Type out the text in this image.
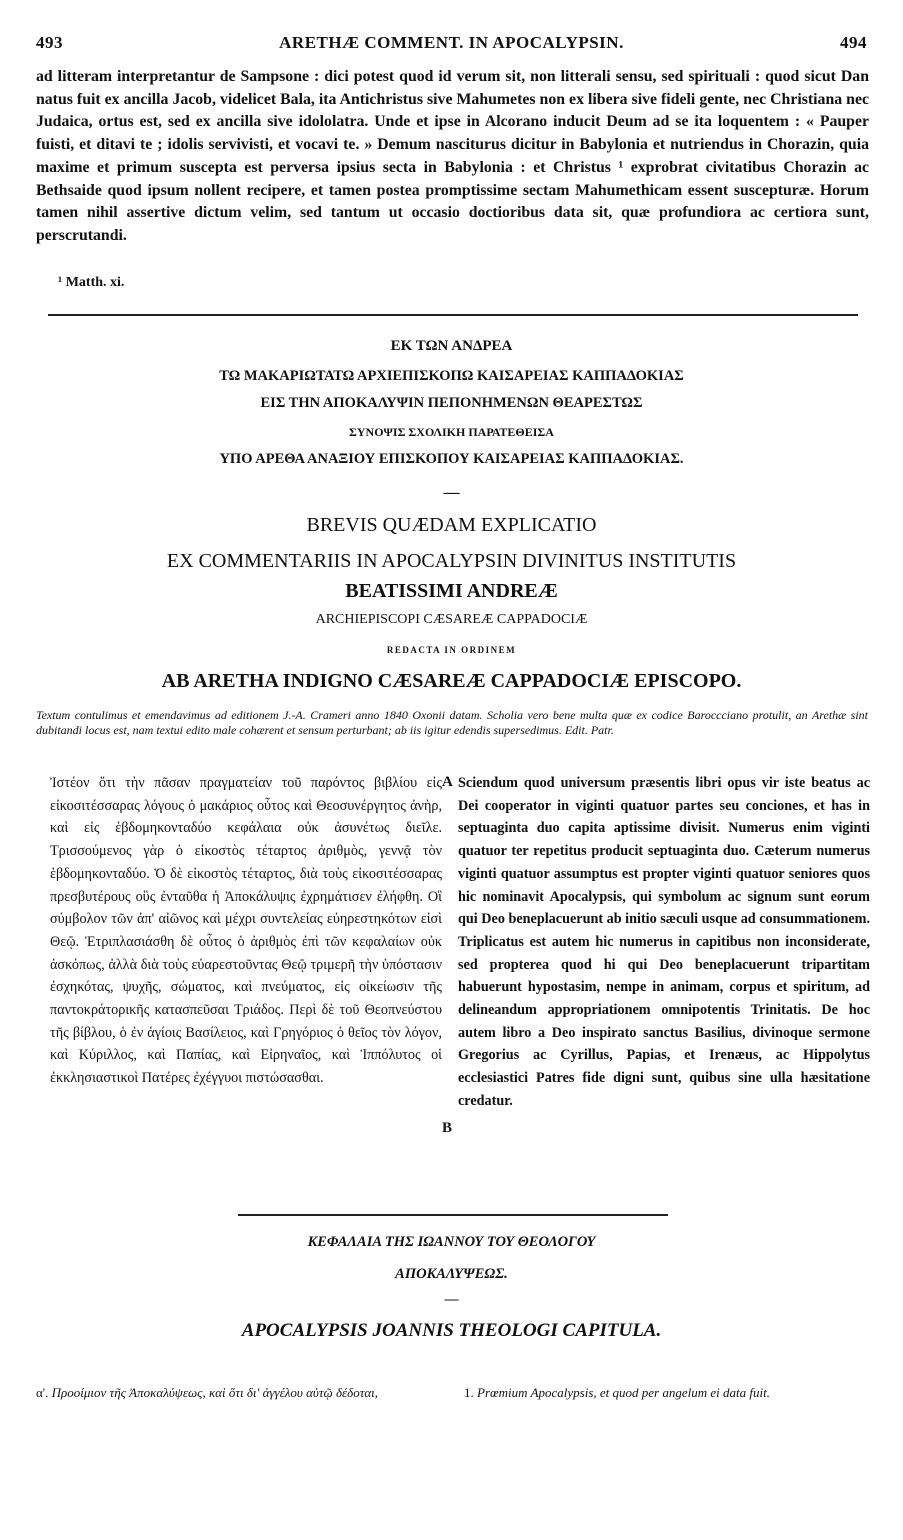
493	ARETHÆ COMMENT. IN APOCALYPSIN.	494

ad litteram interpretantur de Sampsone : dici potest quod id verum sit, non litterali sensu, sed spirituali : quod sicut Dan natus fuit ex ancilla Jacob, videlicet Bala, ita Antichristus sive Mahumetes non ex libera sive fideli gente, nec Christiana nec Judaica, ortus est, sed ex ancilla sive idololatra. Unde et ipse in Alcorano inducit Deum ad se ita loquentem : « Pauper fuisti, et ditavi te ; idolis servivisti, et vocavi te. » Demum nasciturus dicitur in Babylonia et nutriendus in Chorazin, quia maxime et primum suscepta est perversa ipsius secta in Babylonia : et Christus ¹ exprobrat civitatibus Chorazin ac Bethsaide quod ipsum nollent recipere, et tamen postea promptissime sectam Mahumethicam essent suscepturæ. Horum tamen nihil assertive dictum velim, sed tantum ut occasio doctioribus data sit, quæ profundiora ac certiora sunt, perscrutandi.

¹ Matth. xi.
ΕΚ ΤΩΝ ΑΝΔΡΕΑ
ΤΩ ΜΑΚΑΡΙΩΤΑΤΩ ΑΡΧΙΕΠΙΣΚΟΠΩ ΚΑΙΣΑΡΕΙΑΣ ΚΑΠΠΑΔΟΚΙΑΣ
ΕΙΣ ΤΗΝ ΑΠΟΚΑΛΥΨΙΝ ΠΕΠΟΝΗΜΕΝΩΝ ΘΕΑΡΕΣΤΩΣ
ΣΥΝΟΨΙΣ ΣΧΟΛΙΚΗ ΠΑΡΑΤΕΘΕΙΣΑ
ΥΠΟ ΑΡΕΘΑ ΑΝΑΞΙΟΥ ΕΠΙΣΚΟΠΟΥ ΚΑΙΣΑΡΕΙΑΣ ΚΑΠΠΑΔΟΚΙΑΣ.
—
BREVIS QUÆDAM EXPLICATIO
EX COMMENTARIIS IN APOCALYPSIN DIVINITUS INSTITUTIS
BEATISSIMI ANDREÆ
ARCHIEPISCOPI CÆSAREÆ CAPPADOCIÆ
REDACTA IN ORDINEM
AB ARETHA INDIGNO CÆSAREÆ CAPPADOCIÆ EPISCOPO.

Textum contulimus et emendavimus ad editionem J.-A. Crameri anno 1840 Oxonii datam. Scholia vero bene multa quæ ex codice Baroccciano protulit, an Arethæ sint dubitandi locus est, nam textui edito male cohærent et sensum perturbant; ab iis igitur edendis supersedimus. Edit. Patr.

Ἰστέον ὅτι τὴν πᾶσαν πραγματείαν τοῦ παρόντος βιβλίου εἰς εἰκοσιτέσσαρας λόγους ὁ μακάριος οὗτος καὶ Θεοσυνέργητος ἀνὴρ, καὶ εἰς ἑβδομηκονταδύο κεφάλαια οὐκ ἀσυνέτως διεῖλε. Τρισσούμενος γὰρ ὁ εἰκοστὸς τέταρτος ἀριθμὸς, γεννᾷ τὸν ἑβδομηκονταδύο. Ὁ δὲ εἰκοστὸς τέταρτος, διὰ τοὺς εἰκοσιτέσσαρας πρεσβυτέρους οὓς ἐνταῦθα ἡ Ἀποκάλυψις ἐχρημάτισεν ἐλήφθη. Οἳ σύμβολον τῶν ἀπ' αἰῶνος καὶ μέχρι συντελείας εὐηρεστηκότων εἰσὶ Θεῷ. Ἐτριπλασιάσθη δὲ οὗτος ὁ ἀριθμὸς ἐπὶ τῶν κεφαλαίων οὐκ ἀσκόπως, ἀλλὰ διὰ τοὺς εὐαρεστοῦντας Θεῷ τριμερῆ τὴν ὑπόστασιν ἐσχηκότας, ψυχῆς, σώματος, καὶ πνεύματος, εἰς οἰκείωσιν τῆς παντοκράτορικῆς κατασπεῦσαι Τριάδος. Περὶ δὲ τοῦ Θεοπνεύστου τῆς βίβλου, ὁ ἐν ἁγίοις Βασίλειος, καὶ Γρηγόριος ὁ θεῖος τὸν λόγον, καὶ Κύριλλος, καὶ Παπίας, καὶ Εἰρηναῖος, καὶ Ἱππόλυτος οἱ ἐκκλησιαστικοὶ Πατέρες ἐχέγγυοι πιστώσασθαι.

Sciendum quod universum præsentis libri opus vir iste beatus ac Dei cooperator in viginti quatuor partes seu conciones, et has in septuaginta duo capita aptissime divisit. Numerus enim viginti quatuor ter repetitus producit septuaginta duo. Cæterum numerus viginti quatuor assumptus est propter viginti quatuor seniores quos hic nominavit Apocalypsis, qui symbolum ac signum sunt eorum qui Deo beneplacuerunt ab initio sæculi usque ad consummationem. Triplicatus est autem hic numerus in capitibus non inconsiderate, sed propterea quod hi qui Deo beneplacuerunt tripartitam habuerunt hypostasim, nempe in animam, corpus et spiritum, ad delineandum appropriationem omnipotentis Trinitatis. De hoc autem libro a Deo inspirato sanctus Basilius, divinoque sermone Gregorius ac Cyrillus, Papias, et Irenæus, ac Hippolytus ecclesiastici Patres fide digni sunt, quibus sine ulla hæsitatione credatur.

A
B
ΚΕΦΑΛΑΙΑ ΤΗΣ ΙΩΑΝΝΟΥ ΤΟΥ ΘΕΟΛΟΓΟΥ
ΑΠΟΚΑΛΥΨΕΩΣ.
—
APOCALYPSIS JOANNIS THEOLOGI CAPITULA.
α'. Προοίμιον τῆς Ἀποκαλύψεως, καὶ ὅτι δι' ἀγγέλου αὐτῷ δέδοται,	1. Prœmium Apocalypsis, et quod per angelum ei data fuit.
